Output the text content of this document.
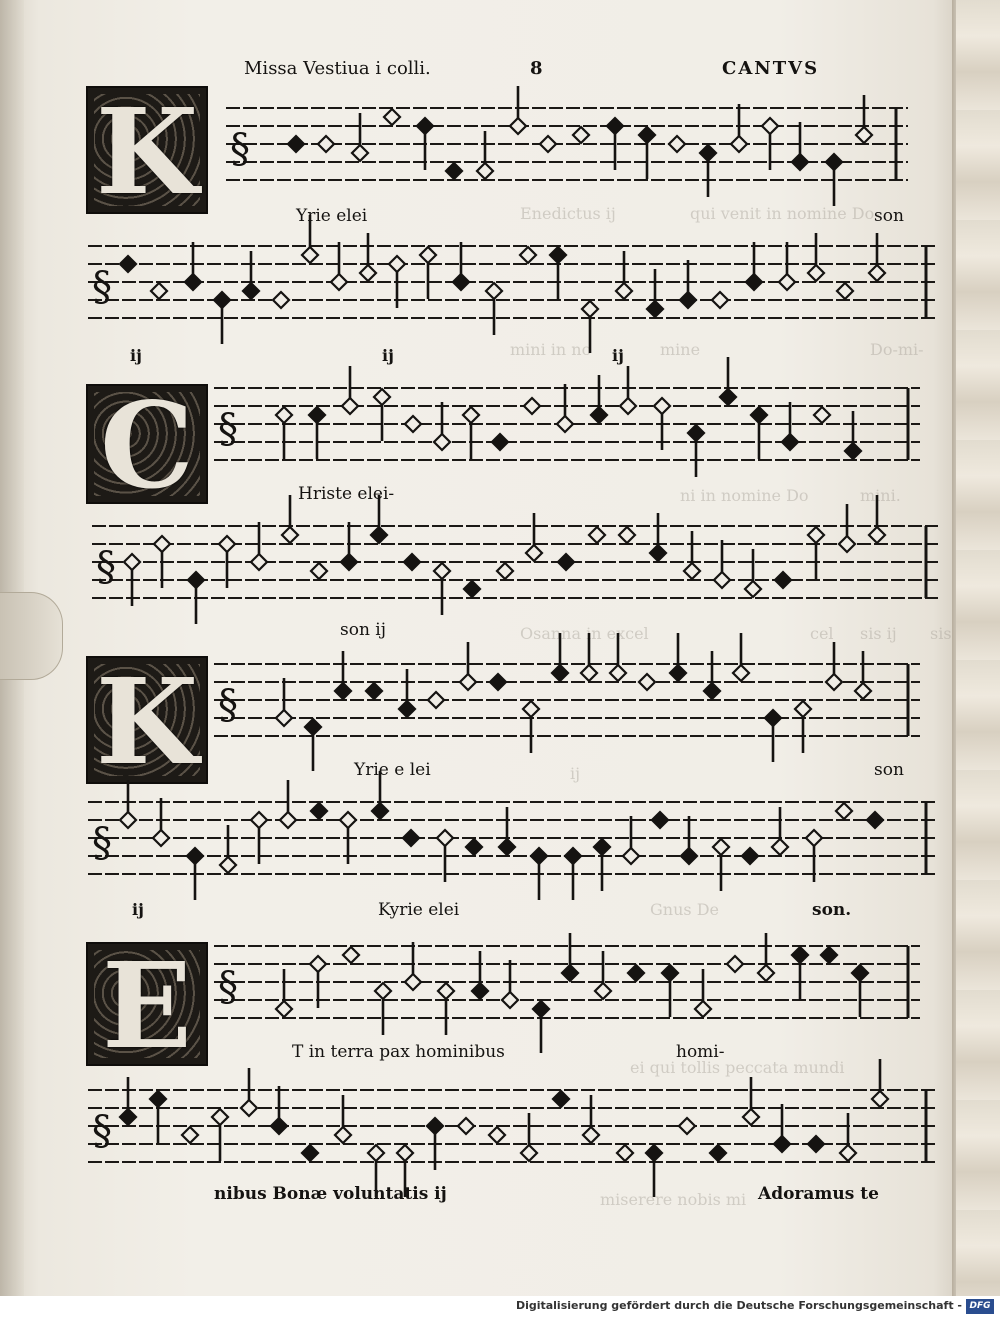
Enedictus ij	qui venit in nomine Do-
mini in no	mine	Do-mi-
ni in nomine Do	mini.
cel sis ij
Osanna in excel	sis
ij
Gnus De
ei qui tollis peccata mundi
miserere nobis mi
Missa Vestiua i colli.	8	CANTVS
K
C
K
E
§
§
§
§
§
§
§
§
Yrie elei	son
ij	ij	ij
Hriste elei-
son ij
Yrie e lei	son
ij	Kyrie elei	son.
T in terra pax hominibus	homi-
nibus Bonæ voluntatis ij	Adoramus te
Digitalisierung gefördert durch die Deutsche Forschungsgemeinschaft - DFG
